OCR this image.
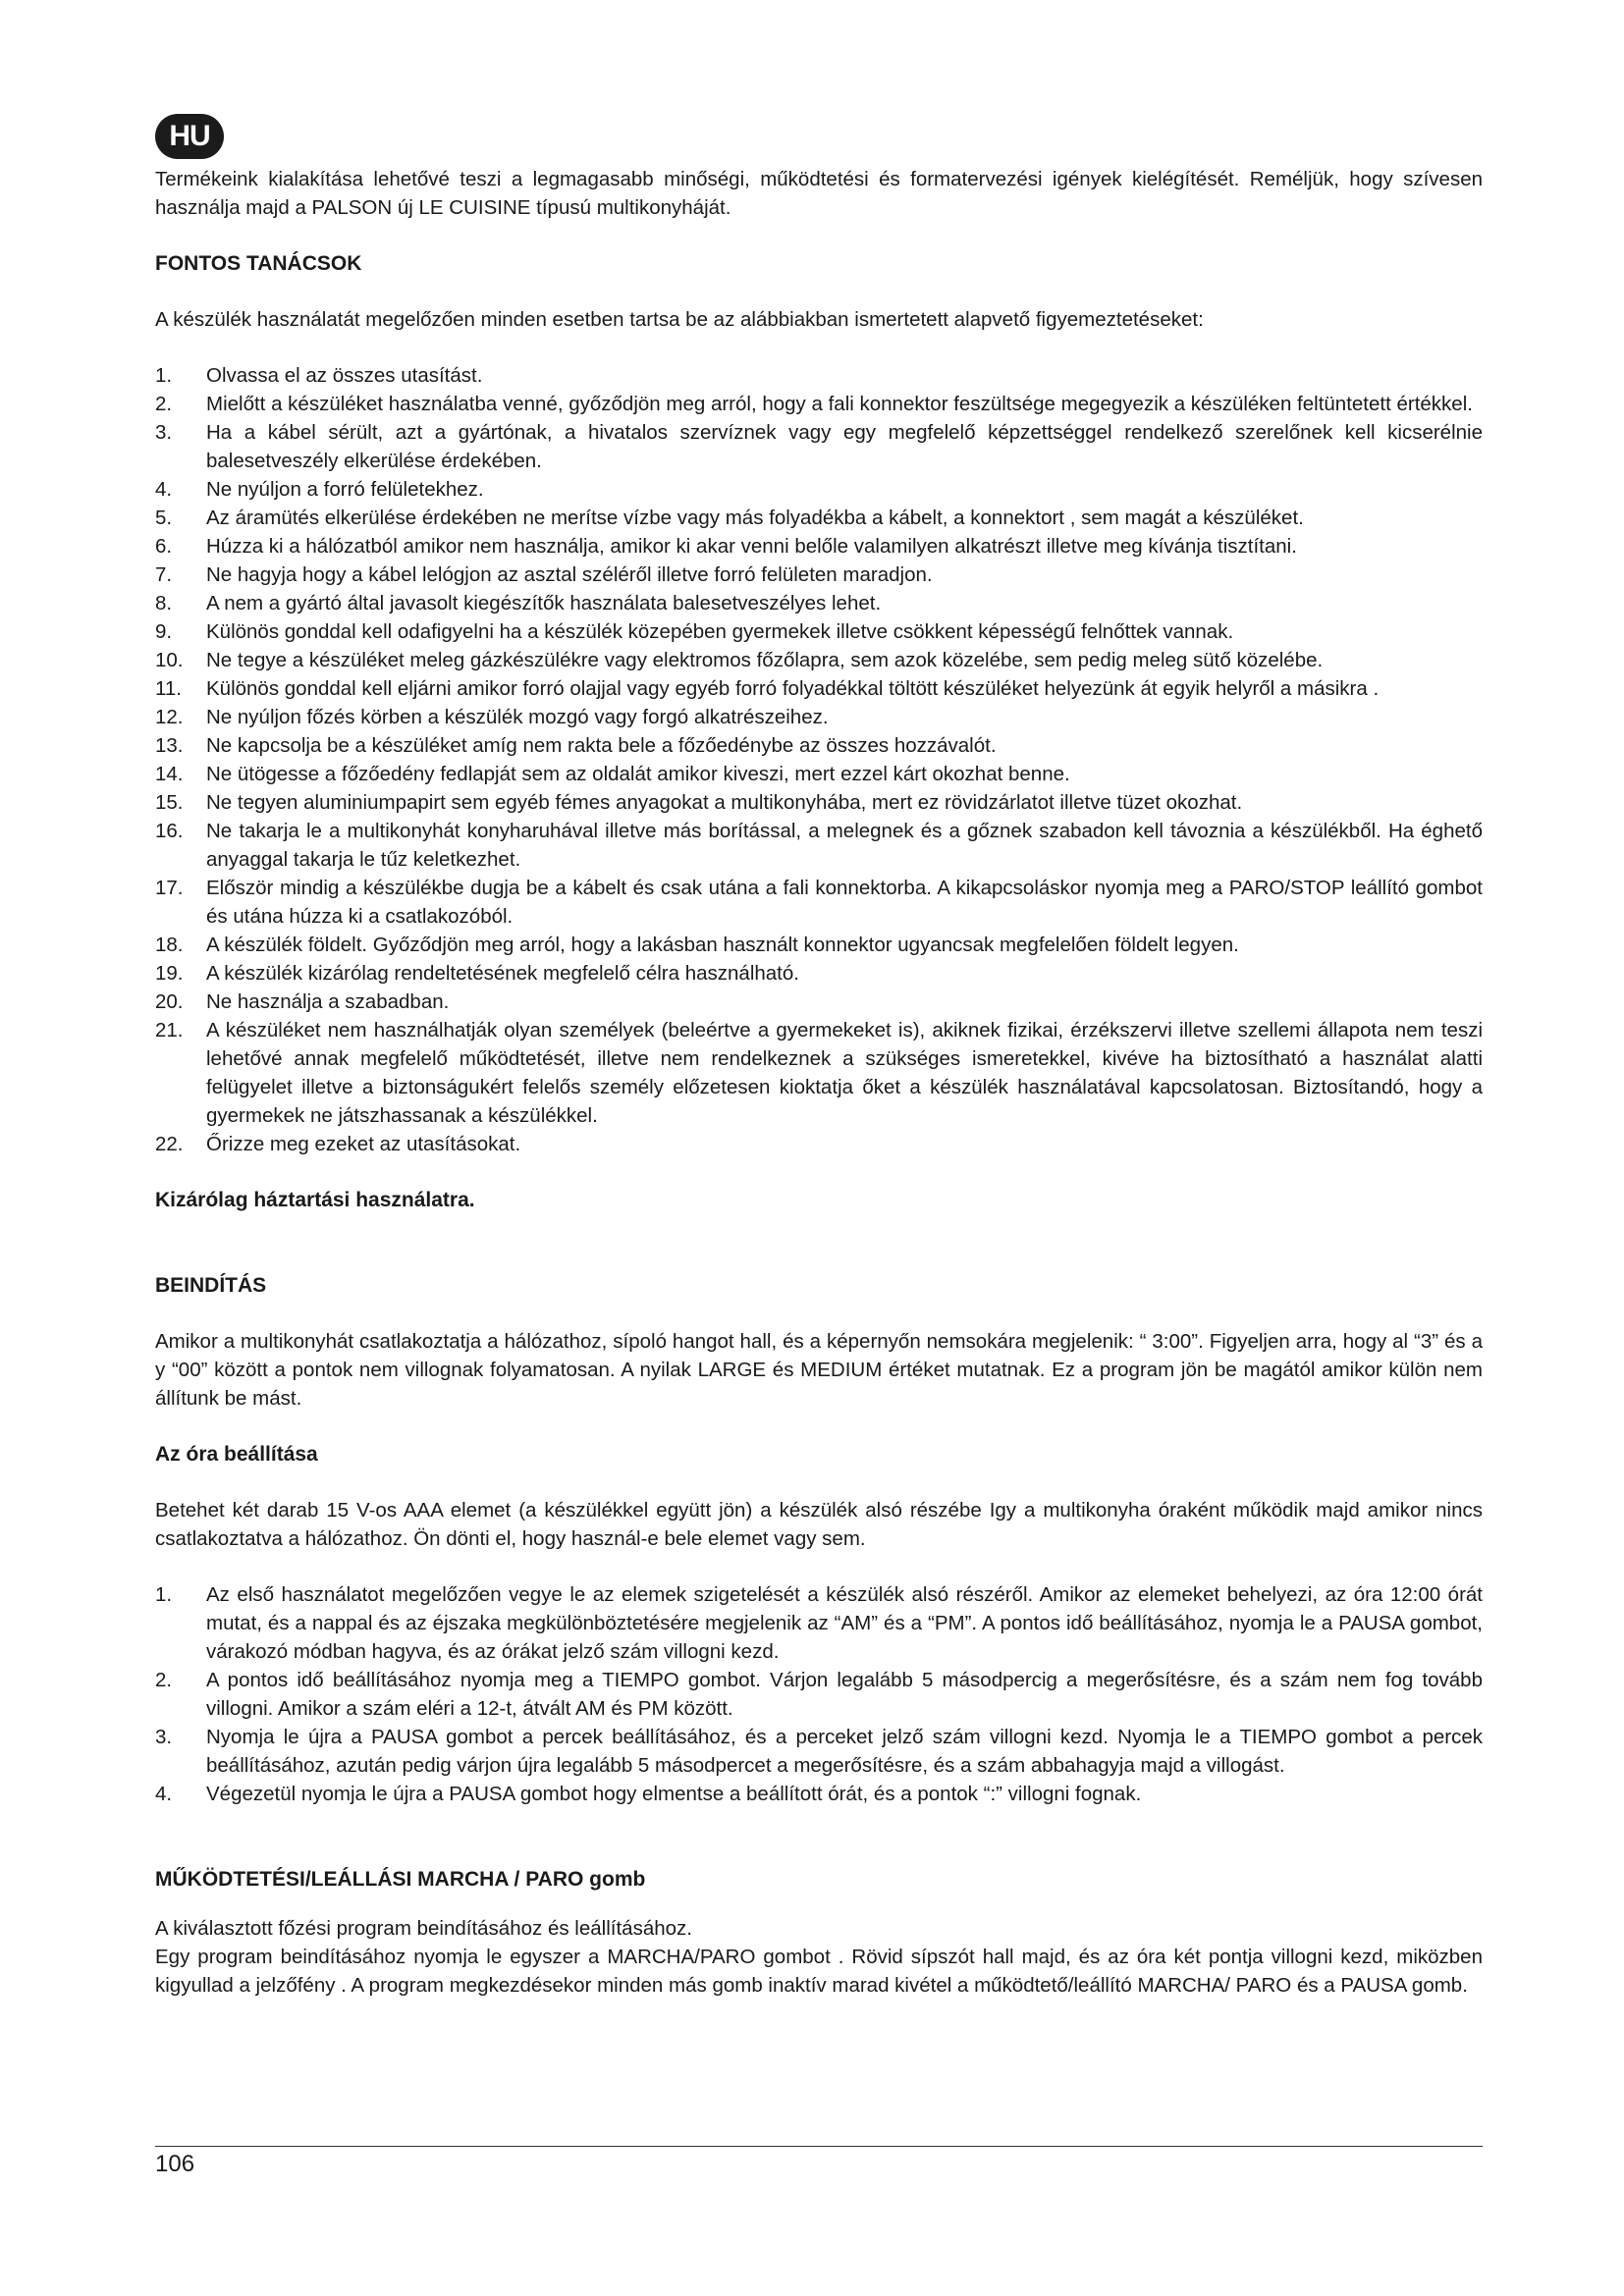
HU

Termékeink kialakítása lehetővé teszi a legmagasabb minőségi, működtetési és formatervezési igények kielégítését. Reméljük, hogy szívesen használja majd a PALSON új LE CUISINE típusú multikonyháját.

FONTOS TANÁCSOK

A készülék használatát megelőzően minden esetben tartsa be az alábbiakban ismertetett alapvető figyemeztetéseket:

1.	Olvassa el az összes utasítást.
2.	Mielőtt a készüléket használatba venné, győződjön meg arról, hogy a fali konnektor feszültsége megegyezik a készüléken feltüntetett értékkel.
3.	Ha a kábel sérült, azt a gyártónak, a hivatalos szervíznek vagy egy megfelelő képzettséggel rendelkező szerelőnek kell kicserélnie balesetveszély elkerülése érdekében.
4.	Ne nyúljon a forró felületekhez.
5.	Az áramütés elkerülése érdekében ne merítse vízbe vagy más folyadékba a kábelt, a konnektort , sem magát a készüléket.
6.	Húzza ki a hálózatból amikor nem használja, amikor ki akar venni belőle valamilyen alkatrészt illetve meg kívánja tisztítani.
7.	Ne hagyja hogy a kábel lelógjon az asztal széléről illetve forró felületen maradjon.
8.	A nem a gyártó által javasolt kiegészítők használata balesetveszélyes lehet.
9.	Különös gonddal kell odafigyelni ha a készülék közepében gyermekek illetve csökkent képességű felnőttek vannak.
10.	Ne tegye a készüléket meleg gázkészülékre vagy elektromos főzőlapra, sem azok közelébe, sem pedig meleg sütő közelébe.
11.	Különös gonddal kell eljárni amikor forró olajjal vagy egyéb forró folyadékkal töltött készüléket helyezünk át egyik helyről a másikra .
12.	Ne nyúljon főzés körben a készülék mozgó vagy forgó alkatrészeihez.
13.	Ne kapcsolja be a készüléket amíg nem rakta bele a főzőedénybe az összes hozzávalót.
14.	Ne ütögesse a főzőedény fedlapját sem az oldalát amikor kiveszi, mert ezzel kárt okozhat benne.
15.	Ne tegyen aluminiumpapirt sem egyéb fémes anyagokat a multikonyhába, mert ez rövidzárlatot illetve tüzet okozhat.
16.	Ne takarja le a multikonyhát konyharuhával illetve más borítással, a melegnek és a gőznek szabadon kell távoznia a készülékből. Ha éghető anyaggal takarja le tűz keletkezhet.
17.	Először mindig a készülékbe dugja be a kábelt és csak utána a fali konnektorba. A kikapcsoláskor nyomja meg a PARO/STOP leállító gombot és utána húzza ki a csatlakozóból.
18.	A készülék földelt. Győződjön meg arról, hogy a lakásban használt konnektor ugyancsak megfelelően földelt legyen.
19.	A készülék kizárólag rendeltetésének megfelelő célra használható.
20.	Ne használja a szabadban.
21.	A készüléket nem használhatják olyan személyek (beleértve a gyermekeket is), akiknek fizikai, érzékszervi illetve szellemi állapota nem teszi lehetővé annak megfelelő működtetését, illetve nem rendelkeznek a szükséges ismeretekkel, kivéve ha biztosítható a használat alatti felügyelet illetve a biztonságukért felelős személy előzetesen kioktatja őket a készülék használatával kapcsolatosan. Biztosítandó, hogy a gyermekek ne játszhassanak a készülékkel.
22.	Őrizze meg ezeket az utasításokat.

Kizárólag háztartási használatra.

BEINDÍTÁS

Amikor a multikonyhát csatlakoztatja a hálózathoz, sípoló hangot hall, és a képernyőn nemsokára megjelenik: “ 3:00”. Figyeljen arra, hogy al “3” és a y “00” között a pontok nem villognak folyamatosan. A nyilak LARGE és MEDIUM értéket mutatnak. Ez a program jön be magától amikor külön nem állítunk be mást.

Az óra beállítása

Betehet két darab 15 V-os AAA elemet (a készülékkel együtt jön) a készülék alsó részébe Igy a multikonyha óraként működik majd amikor nincs csatlakoztatva a hálózathoz. Ön dönti el, hogy használ-e bele elemet vagy sem.

1.	Az első használatot megelőzően vegye le az elemek szigetelését a készülék alsó részéről. Amikor az elemeket behelyezi, az óra 12:00 órát mutat, és a nappal és az éjszaka megkülönböztetésére megjelenik az “AM” és a “PM”. A pontos idő beállításához, nyomja le a PAUSA gombot, várakozó módban hagyva, és az órákat jelző szám villogni kezd.
2.	A pontos idő beállításához nyomja meg a TIEMPO gombot. Várjon legalább 5 másodpercig a megerősítésre, és a szám nem fog tovább villogni. Amikor a szám eléri a 12-t, átvált AM és PM között.
3.	Nyomja le újra a PAUSA gombot a percek beállításához, és a perceket jelző szám villogni kezd. Nyomja le a TIEMPO gombot a percek beállításához, azután pedig várjon újra legalább 5 másodpercet a megerősítésre, és a szám abbahagyja majd a villogást.
4.	Végezetül nyomja le újra a PAUSA gombot hogy elmentse a beállított órát, és a pontok “:” villogni fognak.

MŰKÖDTETÉSI/LEÁLLÁSI MARCHA / PARO gomb

A kiválasztott főzési program beindításához és leállításához.

Egy program beindításához nyomja le egyszer a MARCHA/PARO gombot . Rövid sípszót hall majd, és az óra két pontja villogni kezd, miközben kigyullad a jelzőfény . A program megkezdésekor minden más gomb inaktív marad kivétel a működtető/leállító MARCHA/ PARO és a PAUSA gomb.

106
